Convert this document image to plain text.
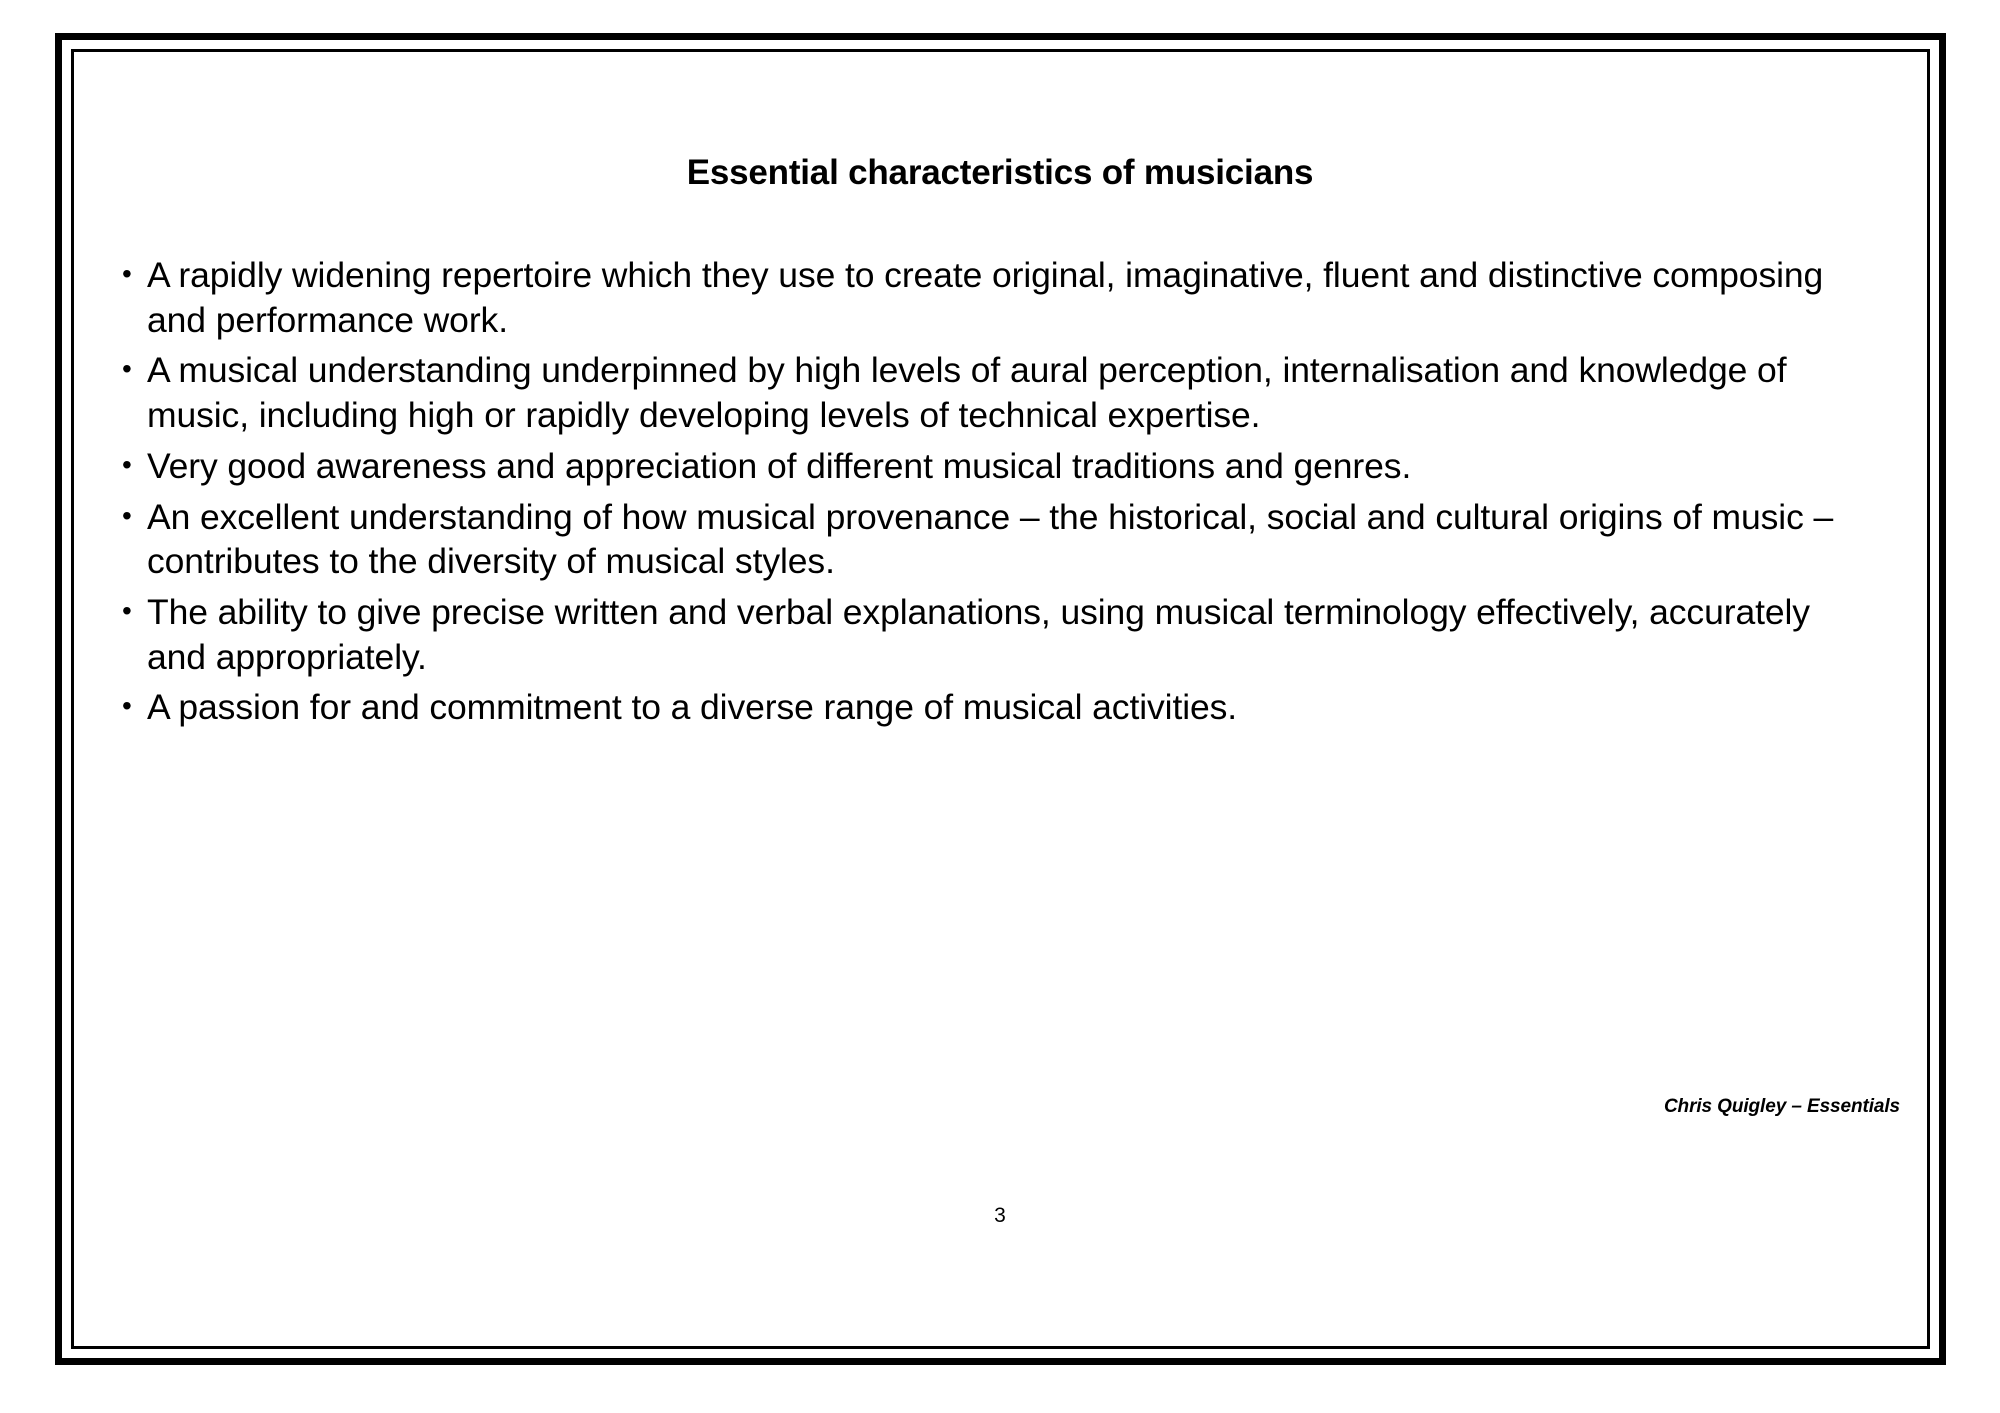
Essential characteristics of musicians
• A rapidly widening repertoire which they use to create original, imaginative, fluent and distinctive composing and performance work.
• A musical understanding underpinned by high levels of aural perception, internalisation and knowledge of music, including high or rapidly developing levels of technical expertise.
• Very good awareness and appreciation of different musical traditions and genres.
• An excellent understanding of how musical provenance – the historical, social and cultural origins of music – contributes to the diversity of musical styles.
• The ability to give precise written and verbal explanations, using musical terminology effectively, accurately and appropriately.
• A passion for and commitment to a diverse range of musical activities.
Chris Quigley – Essentials
3
